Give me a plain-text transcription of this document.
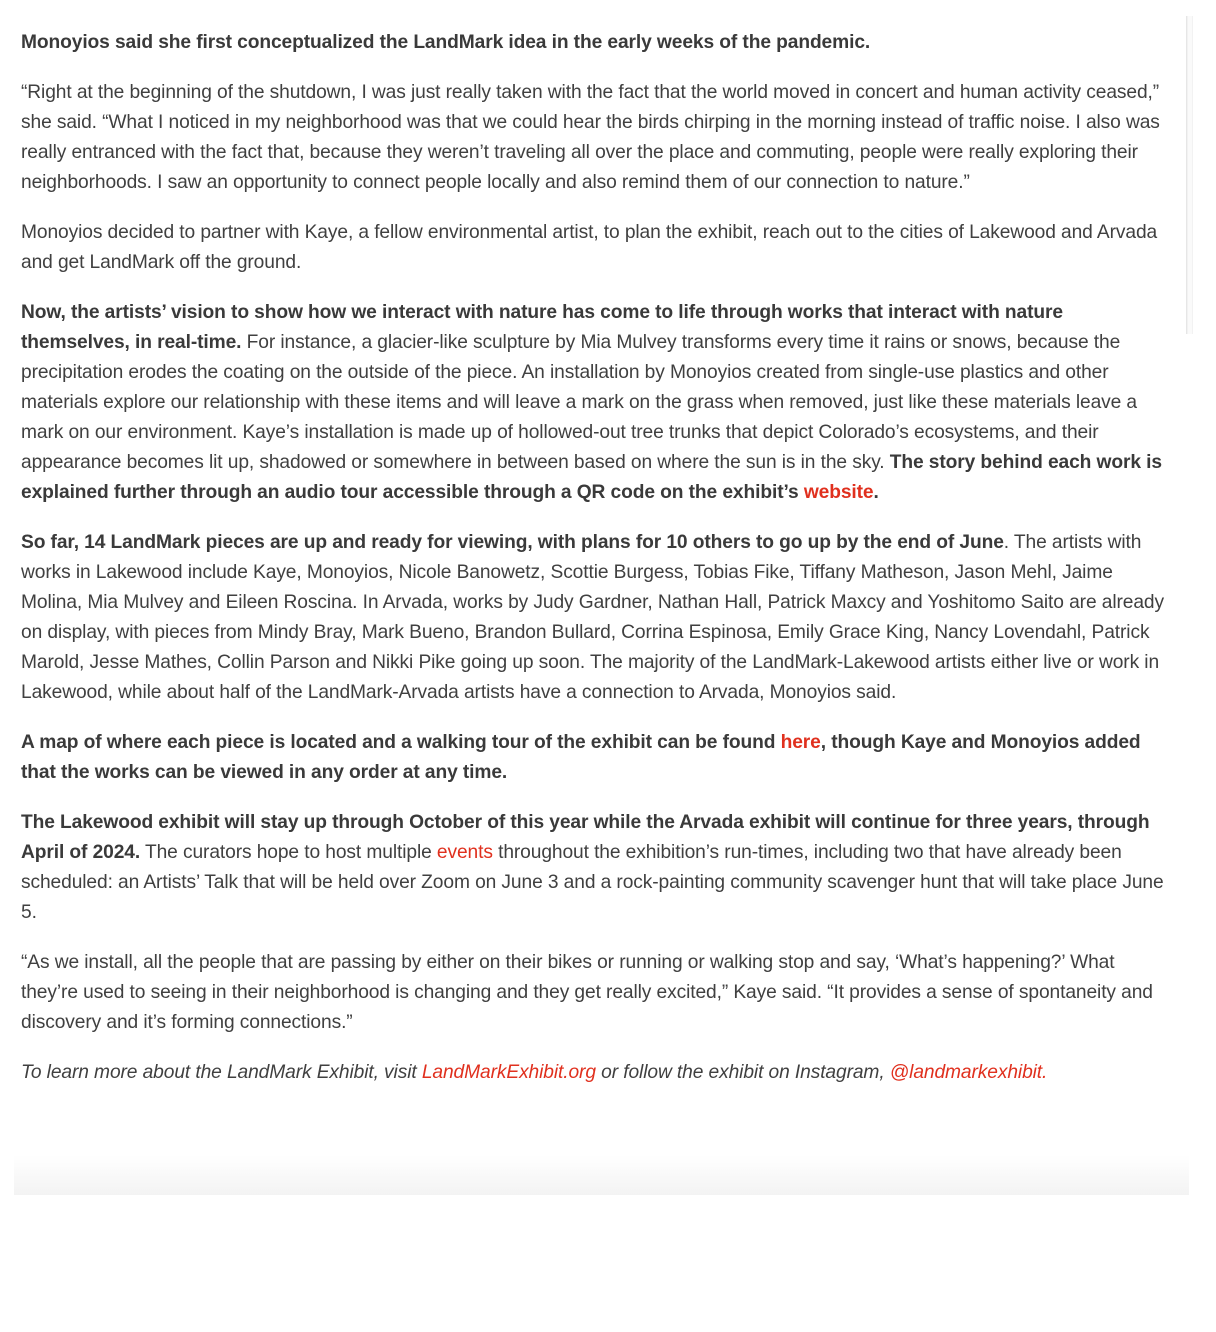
Monoyios said she first conceptualized the LandMark idea in the early weeks of the pandemic.

“Right at the beginning of the shutdown, I was just really taken with the fact that the world moved in concert and human activity ceased,” she said. “What I noticed in my neighborhood was that we could hear the birds chirping in the morning instead of traffic noise. I also was really entranced with the fact that, because they weren’t traveling all over the place and commuting, people were really exploring their neighborhoods. I saw an opportunity to connect people locally and also remind them of our connection to nature.”

Monoyios decided to partner with Kaye, a fellow environmental artist, to plan the exhibit, reach out to the cities of Lakewood and Arvada and get LandMark off the ground.

Now, the artists’ vision to show how we interact with nature has come to life through works that interact with nature themselves, in real-time. For instance, a glacier-like sculpture by Mia Mulvey transforms every time it rains or snows, because the precipitation erodes the coating on the outside of the piece. An installation by Monoyios created from single-use plastics and other materials explore our relationship with these items and will leave a mark on the grass when removed, just like these materials leave a mark on our environment. Kaye’s installation is made up of hollowed-out tree trunks that depict Colorado’s ecosystems, and their appearance becomes lit up, shadowed or somewhere in between based on where the sun is in the sky. The story behind each work is explained further through an audio tour accessible through a QR code on the exhibit’s website.

So far, 14 LandMark pieces are up and ready for viewing, with plans for 10 others to go up by the end of June. The artists with works in Lakewood include Kaye, Monoyios, Nicole Banowetz, Scottie Burgess, Tobias Fike, Tiffany Matheson, Jason Mehl, Jaime Molina, Mia Mulvey and Eileen Roscina. In Arvada, works by Judy Gardner, Nathan Hall, Patrick Maxcy and Yoshitomo Saito are already on display, with pieces from Mindy Bray, Mark Bueno, Brandon Bullard, Corrina Espinosa, Emily Grace King, Nancy Lovendahl, Patrick Marold, Jesse Mathes, Collin Parson and Nikki Pike going up soon. The majority of the LandMark-Lakewood artists either live or work in Lakewood, while about half of the LandMark-Arvada artists have a connection to Arvada, Monoyios said.

A map of where each piece is located and a walking tour of the exhibit can be found here, though Kaye and Monoyios added that the works can be viewed in any order at any time.

The Lakewood exhibit will stay up through October of this year while the Arvada exhibit will continue for three years, through April of 2024. The curators hope to host multiple events throughout the exhibition’s run-times, including two that have already been scheduled: an Artists’ Talk that will be held over Zoom on June 3 and a rock-painting community scavenger hunt that will take place June 5.

“As we install, all the people that are passing by either on their bikes or running or walking stop and say, ‘What’s happening?’ What they’re used to seeing in their neighborhood is changing and they get really excited,” Kaye said. “It provides a sense of spontaneity and discovery and it’s forming connections.”

To learn more about the LandMark Exhibit, visit LandMarkExhibit.org or follow the exhibit on Instagram, @landmarkexhibit.
